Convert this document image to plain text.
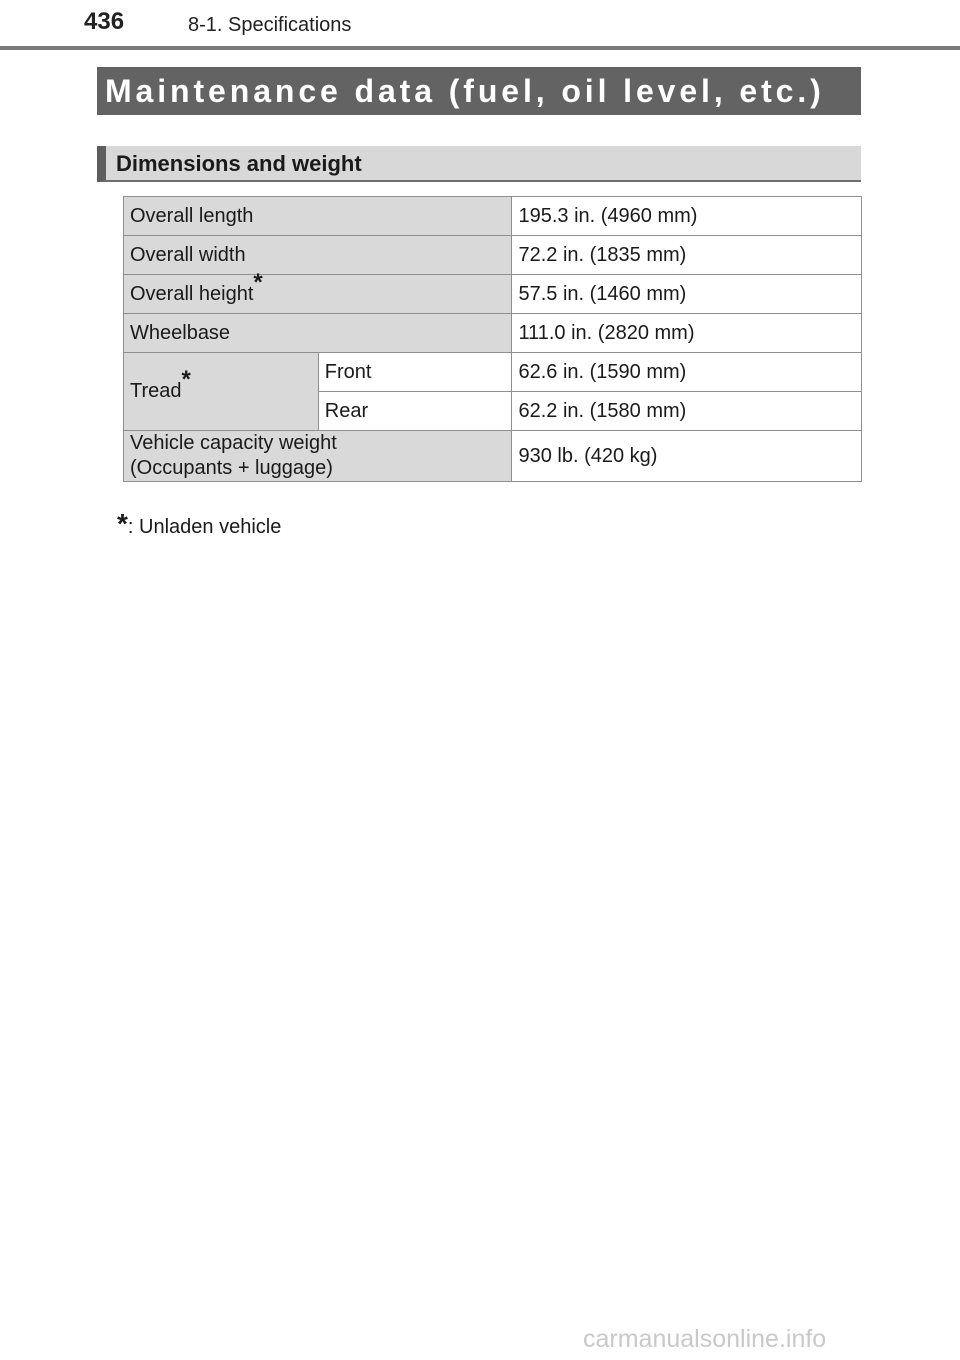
436	8-1. Specifications
Maintenance data (fuel, oil level, etc.)
Dimensions and weight
Overall length		195.3 in. (4960 mm)
Overall width		72.2 in. (1835 mm)
Overall height*		57.5 in. (1460 mm)
Wheelbase		111.0 in. (2820 mm)
Tread*	Front	62.6 in. (1590 mm)
	Rear	62.2 in. (1580 mm)

Vehicle capacity weight
(Occupants + luggage)		930 lb. (420 kg)
*: Unladen vehicle
carmanualsonline.info
